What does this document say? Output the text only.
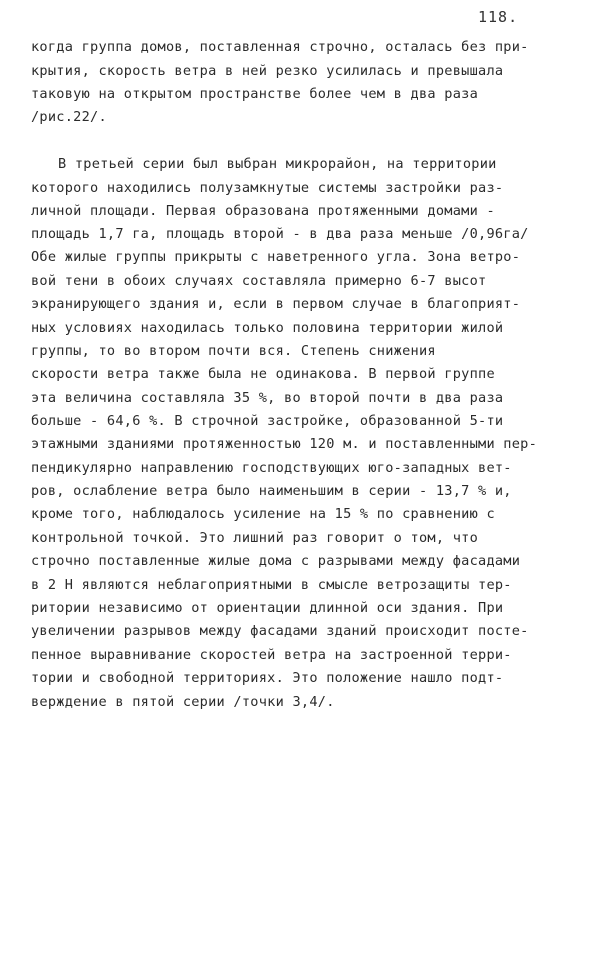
118.
когда группа домов, поставленная строчно, осталась без при-
крытия, скорость ветра в ней резко усилилась и превышала
таковую на открытом пространстве более чем в два раза
/рис.22/.
В третьей серии был выбран микрорайон, на территории
которого находились полузамкнутые системы застройки раз-
личной площади. Первая образована протяженными домами -
площадь 1,7 га, площадь второй - в два раза меньше /0,96га/
Обе жилые группы прикрыты с наветренного угла. Зона ветро-
вой тени в обоих случаях составляла примерно 6-7 высот
экранирующего здания и, если в первом случае в благоприят-
ных условиях находилась только половина территории жилой
группы, то во втором почти вся. Степень снижения
скорости ветра также была не одинакова. В первой группе
эта величина составляла 35 %, во второй почти в два раза
больше - 64,6 %. В строчной застройке, образованной 5-ти
этажными зданиями протяженностью 120 м. и поставленными пер-
пендикулярно направлению господствующих юго-западных вет-
ров, ослабление ветра было наименьшим в серии - 13,7 % и,
кроме того, наблюдалось усиление на 15 % по сравнению с
контрольной точкой. Это лишний раз говорит о том, что
строчно поставленные жилые дома с разрывами между фасадами
в 2 Н являются неблагоприятными в смысле ветрозащиты тер-
ритории независимо от ориентации длинной оси здания. При
увеличении разрывов между фасадами зданий происходит посте-
пенное выравнивание скоростей ветра на застроенной терри-
тории и свободной территориях. Это положение нашло подт-
верждение в пятой серии /точки 3,4/.
